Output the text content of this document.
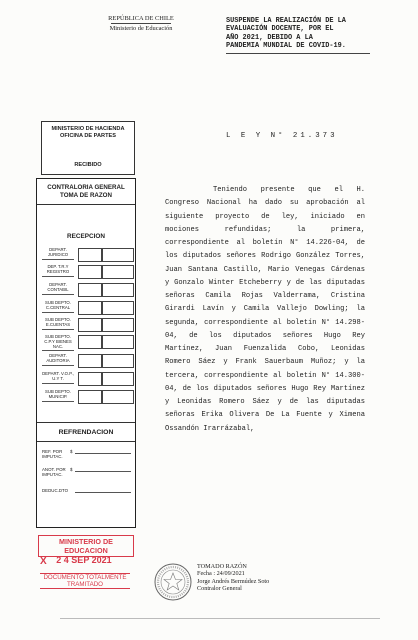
REPÚBLICA DE CHILE
Ministerio de Educación
SUSPENDE LA REALIZACIÓN DE LA
EVALUACIÓN DOCENTE, POR EL
AÑO 2021, DEBIDO A LA
PANDEMIA MUNDIAL DE COVID-19.
MINISTERIO DE HACIENDA
OFICINA DE PARTES
RECIBIDO
CONTRALORIA GENERAL
TOMA DE RAZON
RECEPCION
DEPART. JURIDICO
DEP. T.R.Y REGISTRO
DEPART. CONTABIL
SUB DEPTO. C.CENTRAL
SUB DEPTO. E.CUENTAS
SUB DEPTO. C.P.Y BIENES NAC.
DEPART. AUDITORIA
DEPART. V.O.P., U.Y T.
SUB DEPTO. MUNICIP.
REFRENDACION
REF. POR
IMPUTAC.
$
ANOT. POR
IMPUTAC.
$
DEDUC.DTO
L E Y N° 21.373
Teniendo presente que el H. Congreso Nacional ha dado su aprobación al siguiente proyecto de ley, iniciado en mociones refundidas; la primera, correspondiente al boletín N° 14.226-04, de los diputados señores Rodrigo González Torres, Juan Santana Castillo, Mario Venegas Cárdenas y Gonzalo Winter Etcheberry y de las diputadas señoras Camila Rojas Valderrama, Cristina Girardi Lavín y Camila Vallejo Dowling; la segunda, correspondiente al boletín N° 14.298-04, de los diputados señores Hugo Rey Martínez, Juan Fuenzalida Cobo, Leonidas Romero Sáez y Frank Sauerbaum Muñoz; y la tercera, correspondiente al boletín N° 14.300-04, de los diputados señores Hugo Rey Martínez y Leonidas Romero Sáez y de las diputadas señoras Erika Olivera De La Fuente y Ximena Ossandón Irarrázabal,
MINISTERIO DE EDUCACION
X	2 4 SEP 2021
DOCUMENTO TOTALMENTE
TRAMITADO
TOMADO RAZÓN
Fecha : 24/09/2021
Jorge Andrés Bermúdez Soto
Contralor General
